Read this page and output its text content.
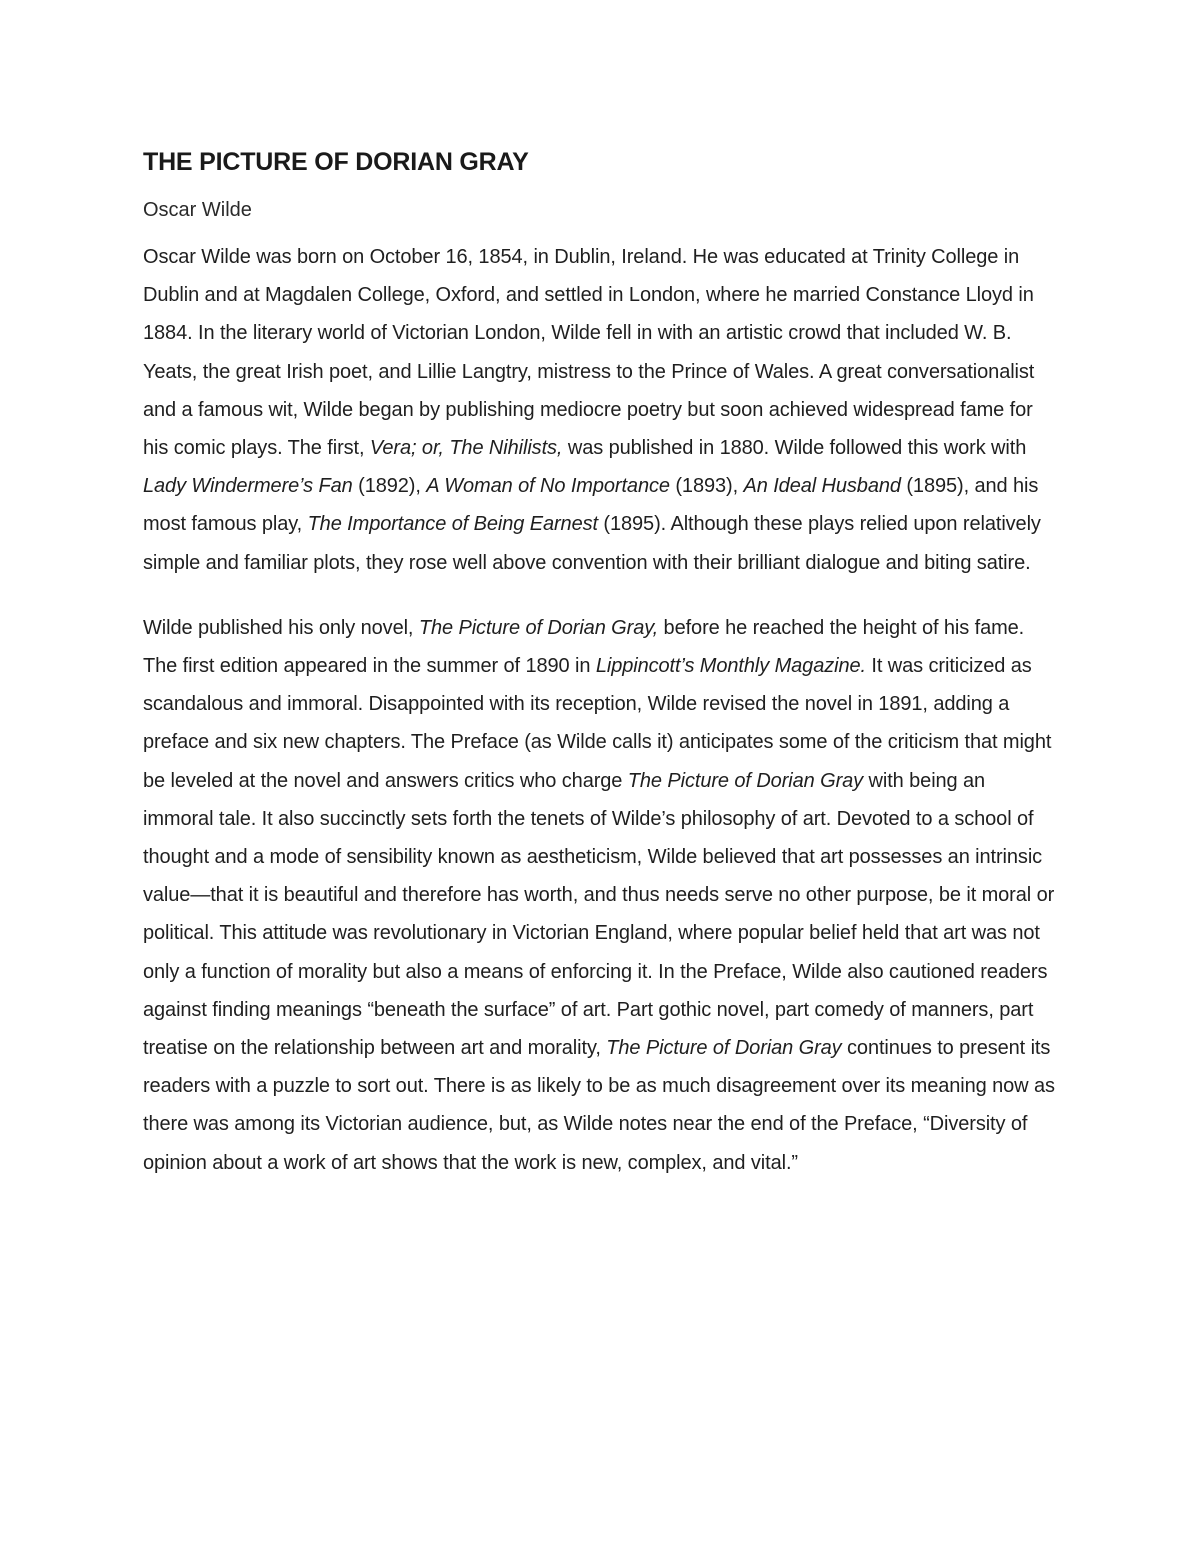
THE PICTURE OF DORIAN GRAY

Oscar Wilde

Oscar Wilde was born on October 16, 1854, in Dublin, Ireland. He was educated at Trinity College in Dublin and at Magdalen College, Oxford, and settled in London, where he married Constance Lloyd in 1884. In the literary world of Victorian London, Wilde fell in with an artistic crowd that included W. B. Yeats, the great Irish poet, and Lillie Langtry, mistress to the Prince of Wales. A great conversationalist and a famous wit, Wilde began by publishing mediocre poetry but soon achieved widespread fame for his comic plays. The first, Vera; or, The Nihilists, was published in 1880. Wilde followed this work with Lady Windermere’s Fan (1892), A Woman of No Importance (1893), An Ideal Husband (1895), and his most famous play, The Importance of Being Earnest (1895). Although these plays relied upon relatively simple and familiar plots, they rose well above convention with their brilliant dialogue and biting satire.

Wilde published his only novel, The Picture of Dorian Gray, before he reached the height of his fame. The first edition appeared in the summer of 1890 in Lippincott’s Monthly Magazine. It was criticized as scandalous and immoral. Disappointed with its reception, Wilde revised the novel in 1891, adding a preface and six new chapters. The Preface (as Wilde calls it) anticipates some of the criticism that might be leveled at the novel and answers critics who charge The Picture of Dorian Gray with being an immoral tale. It also succinctly sets forth the tenets of Wilde’s philosophy of art. Devoted to a school of thought and a mode of sensibility known as aestheticism, Wilde believed that art possesses an intrinsic value—that it is beautiful and therefore has worth, and thus needs serve no other purpose, be it moral or political. This attitude was revolutionary in Victorian England, where popular belief held that art was not only a function of morality but also a means of enforcing it. In the Preface, Wilde also cautioned readers against finding meanings “beneath the surface” of art. Part gothic novel, part comedy of manners, part treatise on the relationship between art and morality, The Picture of Dorian Gray continues to present its readers with a puzzle to sort out. There is as likely to be as much disagreement over its meaning now as there was among its Victorian audience, but, as Wilde notes near the end of the Preface, “Diversity of opinion about a work of art shows that the work is new, complex, and vital.”
